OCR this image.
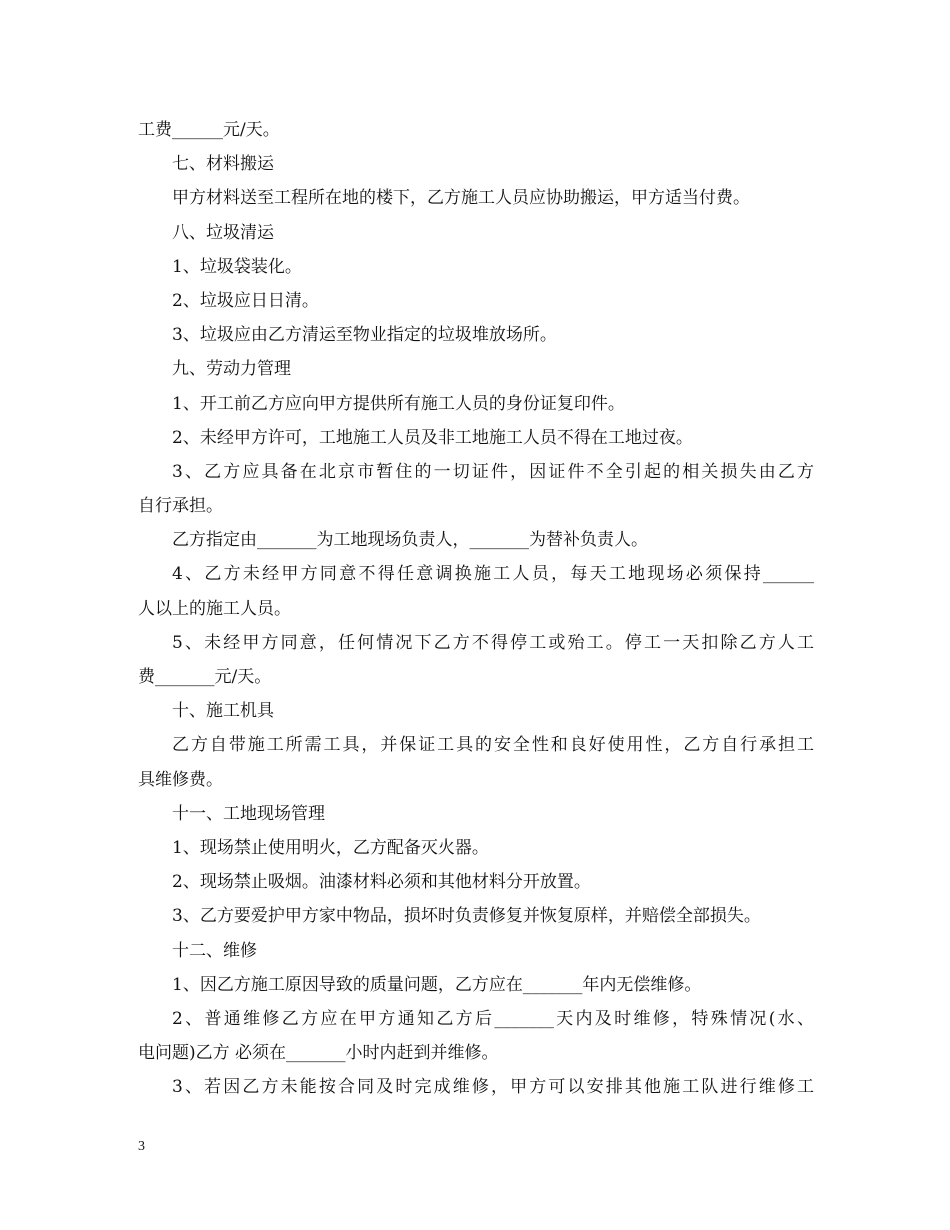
工费______元/天。
七、材料搬运
甲方材料送至工程所在地的楼下，乙方施工人员应协助搬运，甲方适当付费。
八、垃圾清运
1、垃圾袋装化。
2、垃圾应日日清。
3、垃圾应由乙方清运至物业指定的垃圾堆放场所。
九、劳动力管理
1、开工前乙方应向甲方提供所有施工人员的身份证复印件。
2、未经甲方许可，工地施工人员及非工地施工人员不得在工地过夜。
3、乙方应具备在北京市暂住的一切证件，因证件不全引起的相关损失由乙方
自行承担。
乙方指定由_______为工地现场负责人，_______为替补负责人。
4、乙方未经甲方同意不得任意调换施工人员，每天工地现场必须保持______
人以上的施工人员。
5、未经甲方同意，任何情况下乙方不得停工或殆工。停工一天扣除乙方人工
费_______元/天。
十、施工机具
乙方自带施工所需工具，并保证工具的安全性和良好使用性，乙方自行承担工
具维修费。
十一、工地现场管理
1、现场禁止使用明火，乙方配备灭火器。
2、现场禁止吸烟。油漆材料必须和其他材料分开放置。
3、乙方要爱护甲方家中物品，损坏时负责修复并恢复原样，并赔偿全部损失。
十二、维修
1、因乙方施工原因导致的质量问题，乙方应在_______年内无偿维修。
2、普通维修乙方应在甲方通知乙方后_______天内及时维修，特殊情况(水、
电问题)乙方 必须在_______小时内赶到并维修。
3、若因乙方未能按合同及时完成维修，甲方可以安排其他施工队进行维修工
3
